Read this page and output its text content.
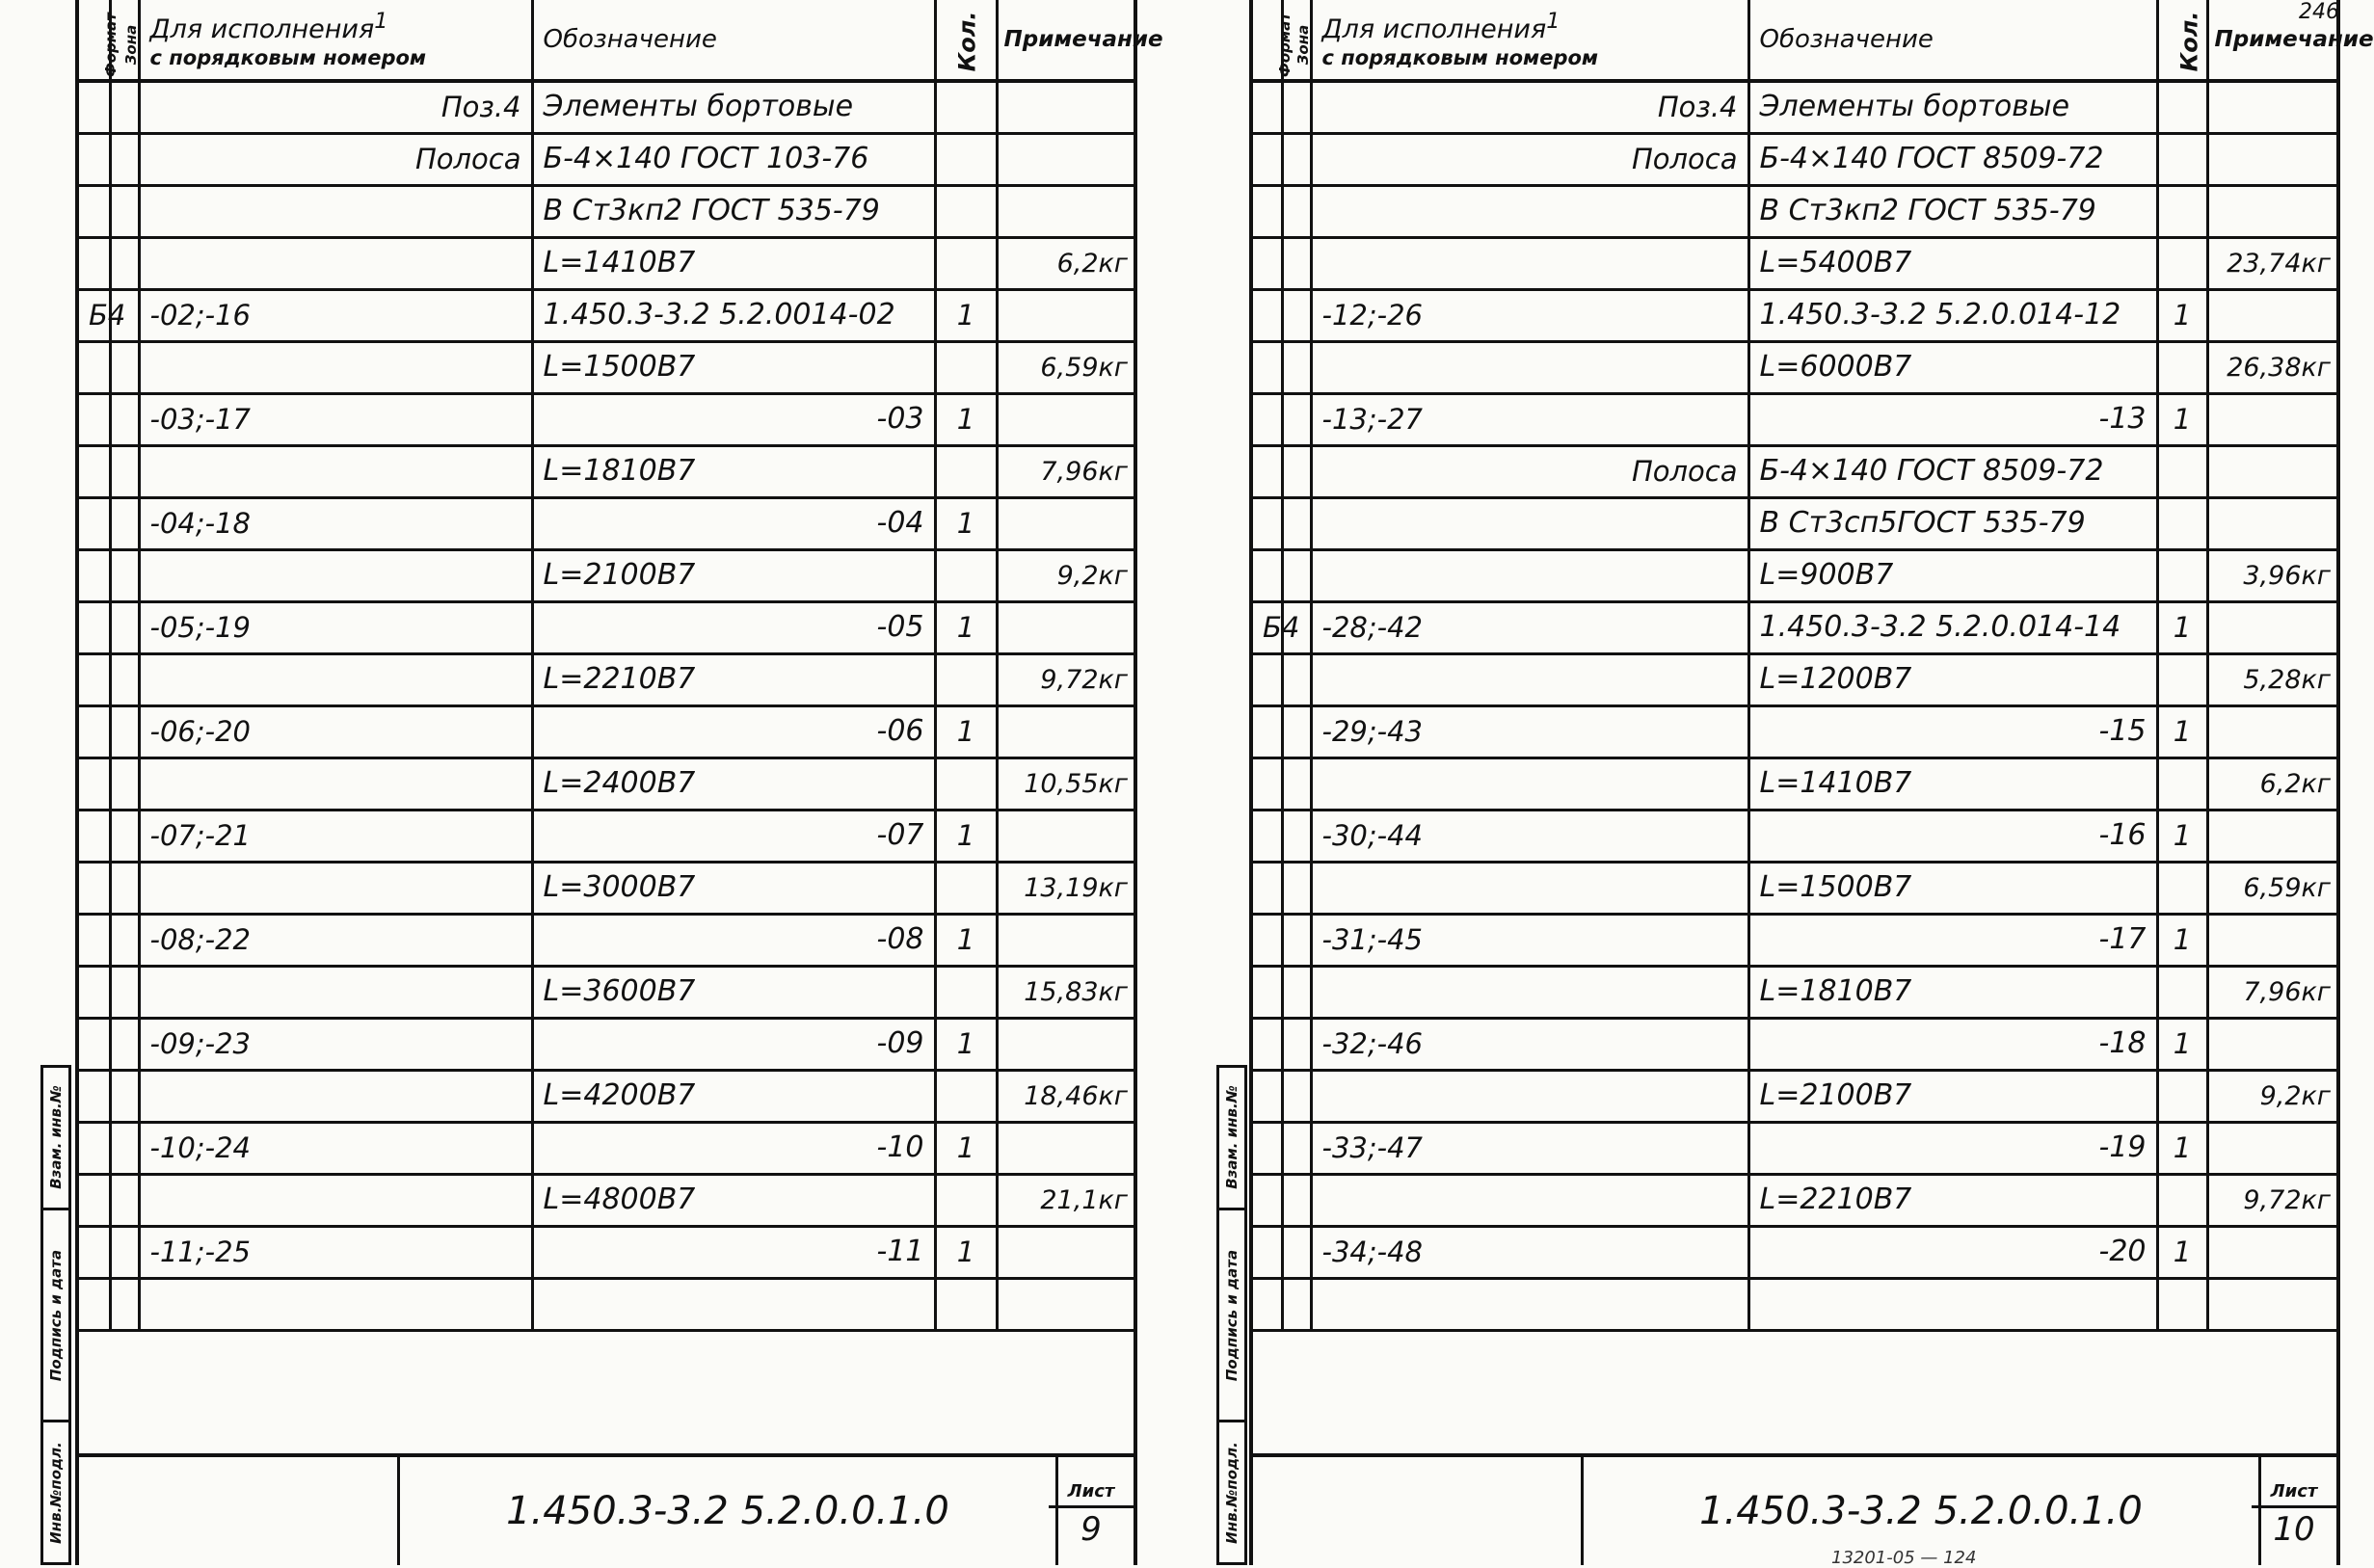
246
Формат	Зона	Для исполнения$^1$
с порядковым номером	Обозначение	Кол.	Примечание
		Поз.4	Элементы бортовые		
		Полоса	Б-4×140 ГОСТ 103-76		
			В Ст3кп2 ГОСТ 535-79		
			L=1410В7		6,2кг
Б4		-02;-16	1.450.3-3.2 5.2.0014-02	1	
			L=1500В7		6,59кг
		-03;-17	-03	1	
			L=1810В7		7,96кг
		-04;-18	-04	1	
			L=2100В7		9,2кг
		-05;-19	-05	1	
			L=2210В7		9,72кг
		-06;-20	-06	1	
			L=2400В7		10,55кг
		-07;-21	-07	1	
			L=3000В7		13,19кг
		-08;-22	-08	1	
			L=3600В7		15,83кг
		-09;-23	-09	1	
			L=4200В7		18,46кг
		-10;-24	-10	1	
			L=4800В7		21,1кг
		-11;-25	-11	1	

1.450.3-3.2 5.2.0.0.1.0	Лист
9
Взам. инв.№
Подпись и дата
Инв.№подл.
Формат	Зона	Для исполнения$^1$
с порядковым номером	Обозначение	Кол.	Примечание
		Поз.4	Элементы бортовые		
		Полоса	Б-4×140 ГОСТ 8509-72		
			В Ст3кп2 ГОСТ 535-79		
			L=5400В7		23,74кг
		-12;-26	1.450.3-3.2 5.2.0.014-12	1	
			L=6000В7		26,38кг
		-13;-27	-13	1	
		Полоса	Б-4×140 ГОСТ 8509-72		
			В Ст3сп5ГОСТ 535-79		
			L=900В7		3,96кг
Б4		-28;-42	1.450.3-3.2 5.2.0.014-14	1	
			L=1200В7		5,28кг
		-29;-43	-15	1	
			L=1410В7		6,2кг
		-30;-44	-16	1	
			L=1500В7		6,59кг
		-31;-45	-17	1	
			L=1810В7		7,96кг
		-32;-46	-18	1	
			L=2100В7		9,2кг
		-33;-47	-19	1	
			L=2210В7		9,72кг
		-34;-48	-20	1	

1.450.3-3.2 5.2.0.0.1.0	Лист
10
Взам. инв.№
Подпись и дата
Инв.№подл.
13201-05 — 124
